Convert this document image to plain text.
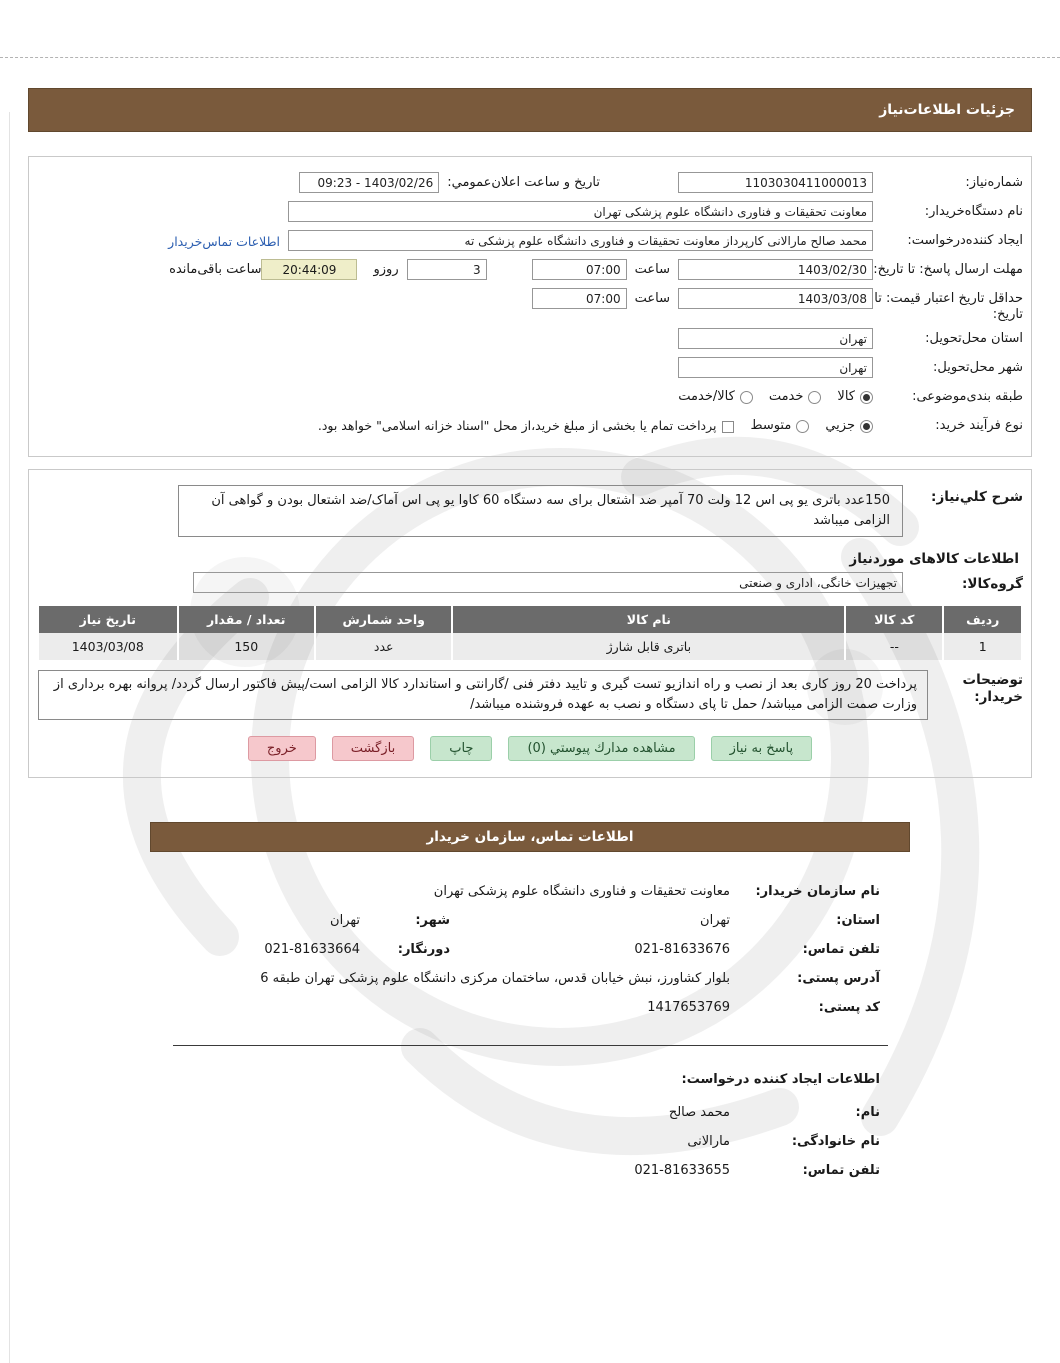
جزئیات اطلاعات‌نیاز
شماره‌نیاز:
1103030411000013
تاریخ و ساعت اعلان‌عمومي:
09:23 - 1403/02/26
نام دستگاه‌خریدار:
معاونت تحقیقات و فناوری دانشگاه علوم پزشکی تهران
ایجاد کننده‌درخواست:
محمد صالح مارالانی کارپرداز معاونت تحقیقات و فناوری دانشگاه علوم پزشکی ته
اطلاعات تماس‌خریدار
مهلت ارسال پاسخ: تا تاریخ:
1403/02/30
ساعت
07:00
3
روزو
20:44:09
ساعت باقی‌مانده
حداقل تاریخ اعتبار قیمت: تا تاریخ:
1403/03/08
ساعت
07:00
استان محل‌تحویل:
تهران
شهر محل‌تحویل:
تهران
طبقه بندی‌موضوعی:
کالا
خدمت
کالا/خدمت
نوع فرآیند خرید:
جزیي
متوسط
پرداخت تمام یا بخشی از مبلغ خرید،از محل "اسناد خزانه اسلامی" خواهد بود.
شرح كلي‌نیاز:
150عدد باتری یو پی اس 12 ولت 70 آمپر ضد اشتعال برای سه دستگاه 60 کاوا یو پی اس آماک/ضد اشتعال بودن و گواهی آن الزامی میباشد
اطلاعات کالاهای موردنیاز
گروه‌کالا:
تجهیزات خانگی، اداری و صنعتی
ردیف	کد کالا	نام کالا	واحد شمارش	تعداد / مقدار	تاریخ نیاز
1	--	باتری قابل شارژ	عدد	150	1403/03/08
توضیحات خریدار:
پرداخت 20 روز کاری بعد از نصب و راه اندازیو تست گیری و تایید دفتر فنی /گارانتی و استاندارد کالا الزامی است/پیش فاکتور ارسال گردد/ پروانه بهره برداری از وزارت صمت الزامی میباشد/ حمل تا پای دستگاه و نصب به عهده فروشنده میباشد/
پاسخ به نیاز
مشاهده مدارك پيوستي (0)
چاپ
بازگشت
خروج
اطلاعات تماس، سازمان خریدار
نام سازمان خریدار:
معاونت تحقیقات و فناوری دانشگاه علوم پزشکی تهران
استان:
تهران
شهر:
تهران
تلفن تماس:
021-81633676
دورنگار:
021-81633664
آدرس پستی:
بلوار کشاورز، نبش خیابان قدس، ساختمان مرکزی دانشگاه علوم پزشکی تهران طبقه 6
کد پستی:
1417653769
اطلاعات ایجاد کننده درخواست:
نام:
محمد صالح
نام خانوادگی:
مارالانی
تلفن تماس:
021-81633655
